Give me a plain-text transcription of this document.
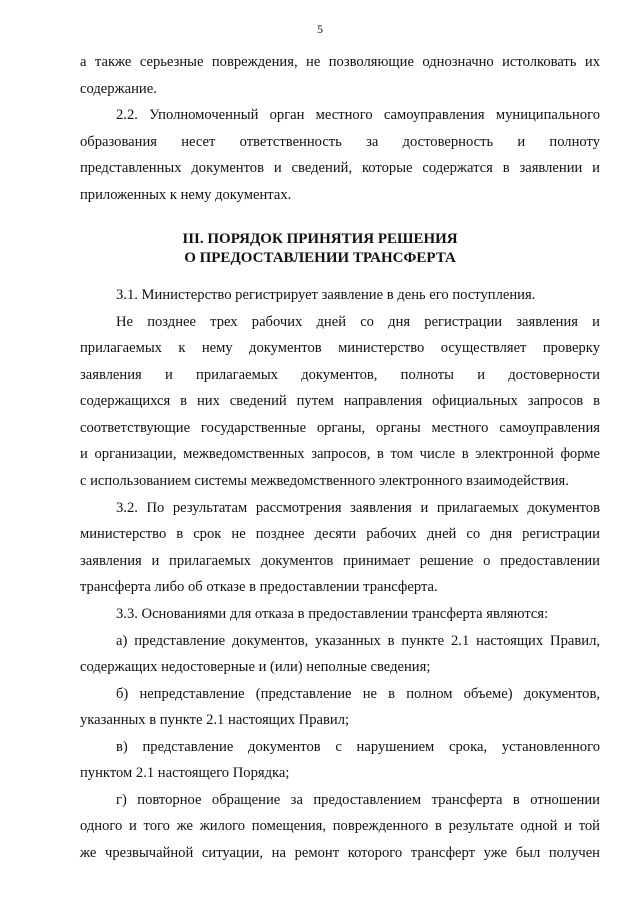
5
III. ПОРЯДОК ПРИНЯТИЯ РЕШЕНИЯ
О ПРЕДОСТАВЛЕНИИ ТРАНСФЕРТА
а также серьезные повреждения, не позволяющие однозначно истолковать их
содержание.
2.2. Уполномоченный орган местного самоуправления муниципального
образования несет ответственность за достоверность и полноту
представленных документов и сведений, которые содержатся в заявлении и
приложенных к нему документах.
3.1. Министерство регистрирует заявление в день его поступления.
Не позднее трех рабочих дней со дня регистрации заявления и
прилагаемых к нему документов министерство осуществляет проверку
заявления и прилагаемых документов, полноты и достоверности
содержащихся в них сведений путем направления официальных запросов в
соответствующие государственные органы, органы местного самоуправления
и организации, межведомственных запросов, в том числе в электронной форме
с использованием системы межведомственного электронного взаимодействия.
3.2. По результатам рассмотрения заявления и прилагаемых документов
министерство в срок не позднее десяти рабочих дней со дня регистрации
заявления и прилагаемых документов принимает решение о предоставлении
трансферта либо об отказе в предоставлении трансферта.
3.3. Основаниями для отказа в предоставлении трансферта являются:
а) представление документов, указанных в пункте 2.1 настоящих Правил,
содержащих недостоверные и (или) неполные сведения;
б) непредставление (представление не в полном объеме) документов,
указанных в пункте 2.1 настоящих Правил;
в) представление документов с нарушением срока, установленного
пунктом 2.1 настоящего Порядка;
г) повторное обращение за предоставлением трансферта в отношении
одного и того же жилого помещения, поврежденного в результате одной и той
же чрезвычайной ситуации, на ремонт которого трансферт уже был получен
